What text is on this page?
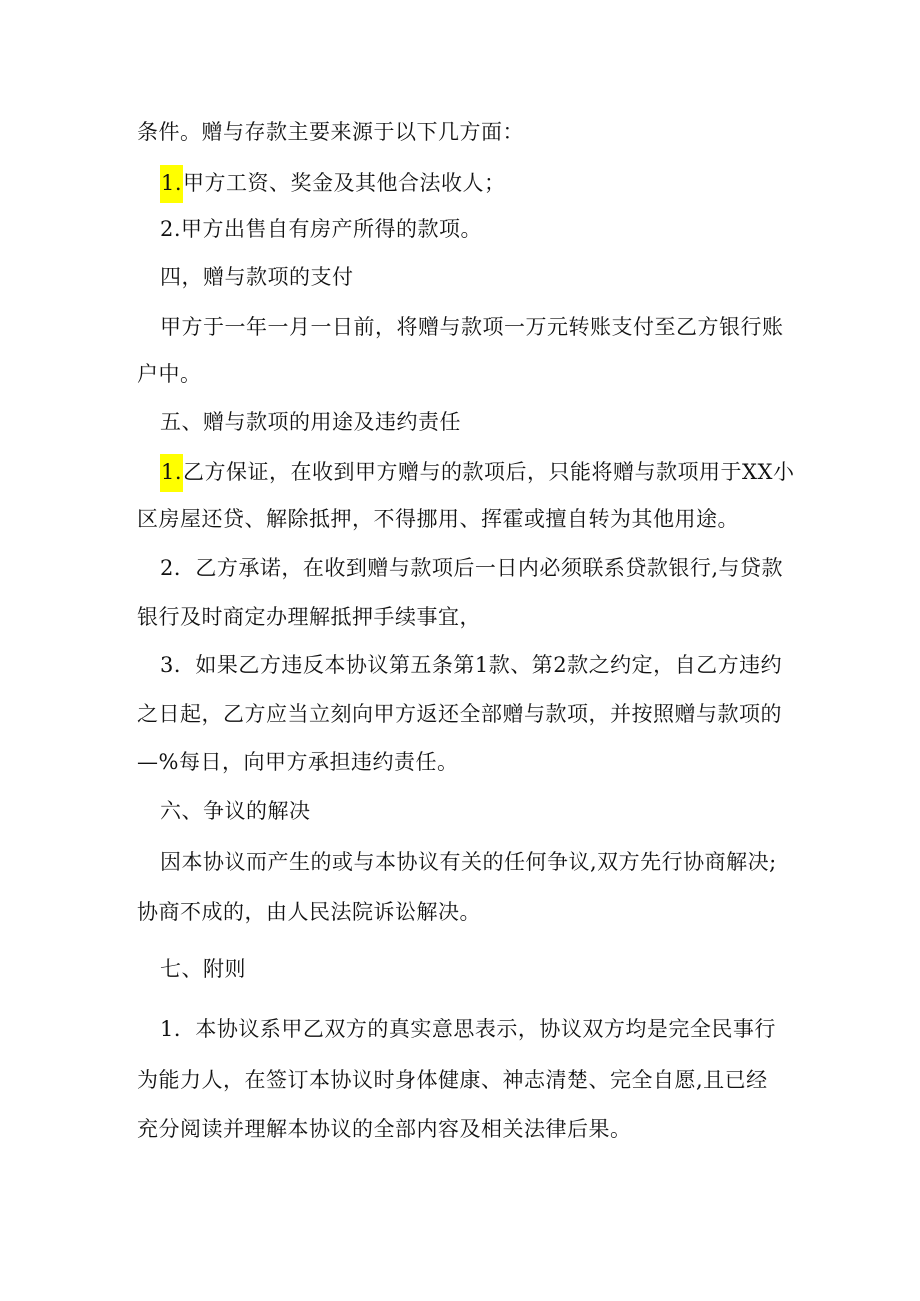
条件。赠与存款主要来源于以下几方面：
1.甲方工资、奖金及其他合法收人；
2.甲方出售自有房产所得的款项。
四，赠与款项的支付
甲方于一年一月一日前，将赠与款项一万元转账支付至乙方银行账
户中。
五、赠与款项的用途及违约责任
1.乙方保证，在收到甲方赠与的款项后，只能将赠与款项用于XX小
区房屋还贷、解除抵押，不得挪用、挥霍或擅自转为其他用途。
2．乙方承诺，在收到赠与款项后一日内必须联系贷款银行,与贷款
银行及时商定办理解抵押手续事宜，
3．如果乙方违反本协议第五条第1款、第2款之约定，自乙方违约
之日起，乙方应当立刻向甲方返还全部赠与款项，并按照赠与款项的
—%每日，向甲方承担违约责任。
六、争议的解决
因本协议而产生的或与本协议有关的任何争议,双方先行协商解决;
协商不成的，由人民法院诉讼解决。
七、附则
1．本协议系甲乙双方的真实意思表示，协议双方均是完全民事行
为能力人，在签订本协议时身体健康、神志清楚、完全自愿,且已经
充分阅读并理解本协议的全部内容及相关法律后果。
